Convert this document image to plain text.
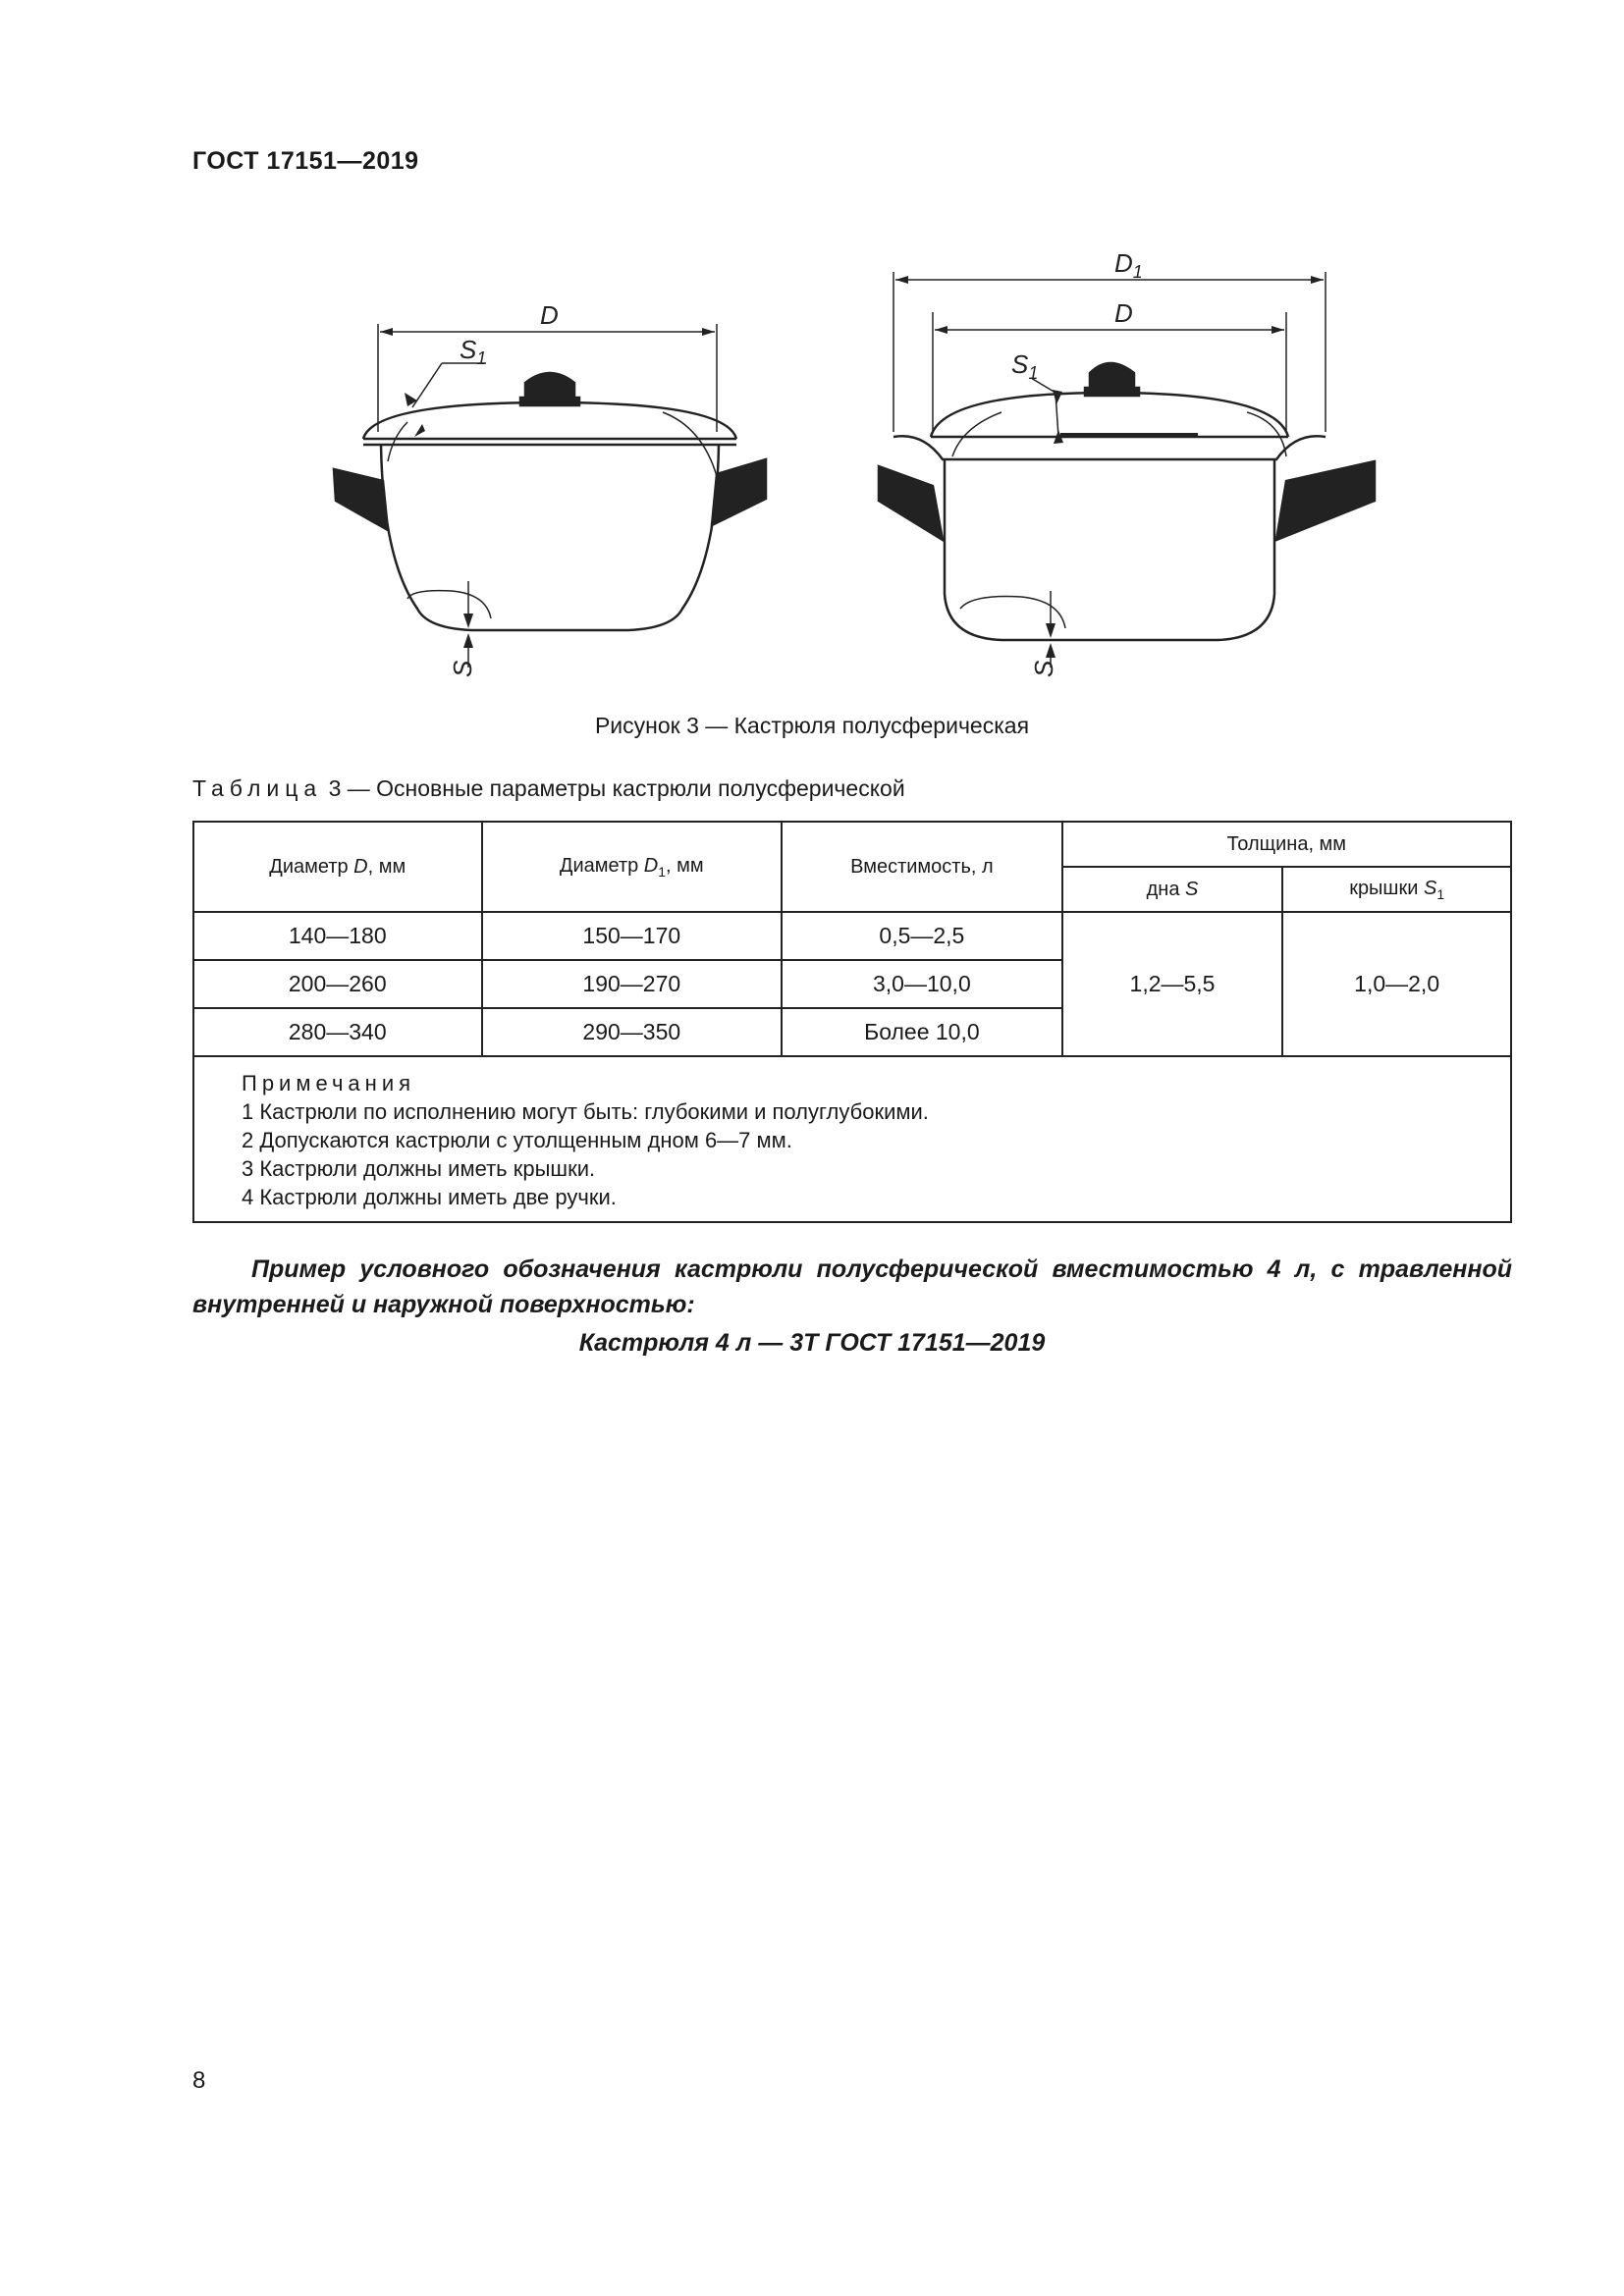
ГОСТ 17151—2019
D
$S_1$
S
$D_1$
D
$S_1$
S
Рисунок 3 — Кастрюля полусферическая
Таблица 3 — Основные параметры кастрюли полусферической
Диаметр D, мм	Диаметр $D_1$, мм	Вместимость, л	Толщина, мм	
			дна S	крышки $S_1$
140—180	150—170	0,5—2,5	1,2—5,5	1,0—2,0
200—260	190—270	3,0—10,0		
280—340	290—350	Более 10,0		

Примечания
1 Кастрюли по исполнению могут быть: глубокими и полуглубокими.
2 Допускаются кастрюли с утолщенным дном 6—7 мм.
3 Кастрюли должны иметь крышки.
4 Кастрюли должны иметь две ручки.				
Пример условного обозначения кастрюли полусферической вместимостью 4 л, с травленной внутренней и наружной поверхностью:
Кастрюля 4 л — 3Т ГОСТ 17151—2019
8
